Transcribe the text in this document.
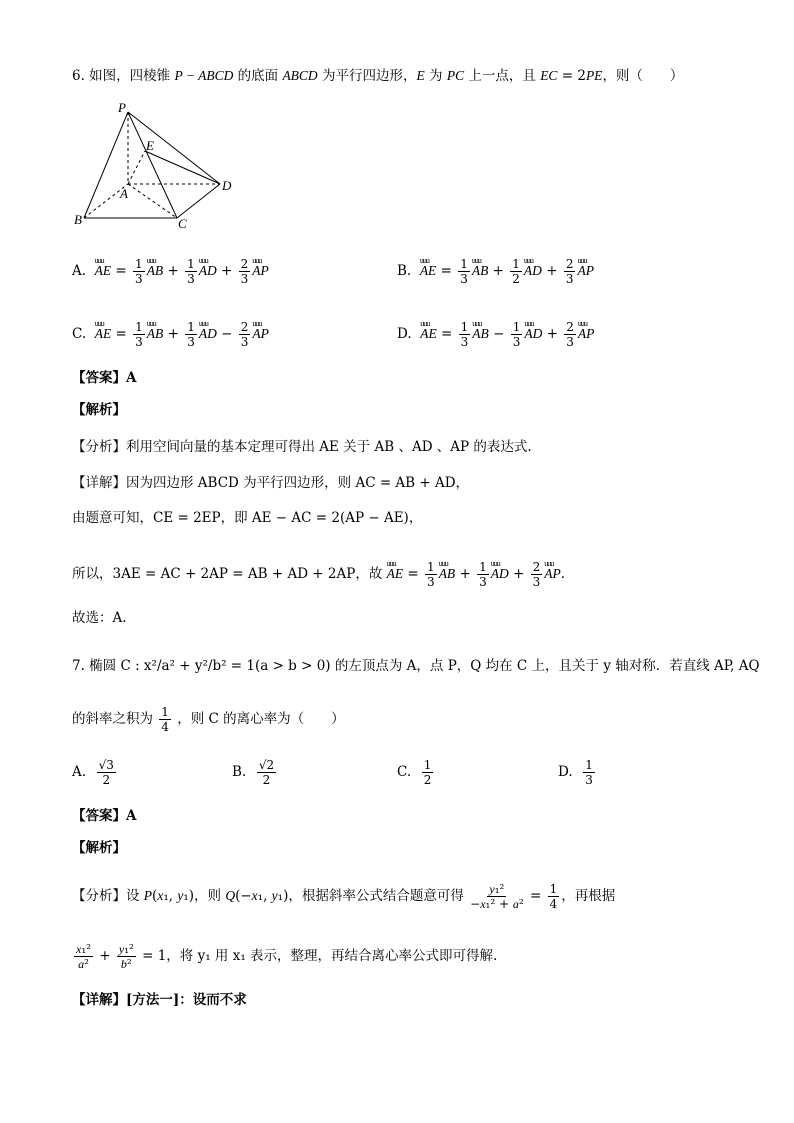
6. 如图，四棱锥 P − ABCD 的底面 ABCD 为平行四边形，E 为 PC 上一点，且 EC = 2PE，则（　　）
P
E
A
B	C
D
A. uuu AE = $\frac{1}{3}$ uuu AB + $\frac{1}{3}$ uuu AD + $\frac{2}{3}$ uuu AP	B. uuu AE = $\frac{1}{3}$ uuu AB + $\frac{1}{2}$ uuu AD + $\frac{2}{3}$ uuu AP
C. uuu AE = $\frac{1}{3}$ uuu AB + $\frac{1}{3}$ uuu AD − $\frac{2}{3}$ uuu AP	D. uuu AE = $\frac{1}{3}$ uuu AB − $\frac{1}{3}$ uuu AD + $\frac{2}{3}$ uuu AP
【答案】A
【解析】
【分析】利用空间向量的基本定理可得出 AE 关于 AB 、AD 、AP 的表达式.
【详解】因为四边形 ABCD 为平行四边形，则 AC = AB + AD，
由题意可知，CE = 2EP，即 AE − AC = 2(AP − AE)，
所以，3AE = AC + 2AP = AB + AD + 2AP，故 uuu AE = $\frac{1}{3}$ uuu AB + $\frac{1}{3}$ uuu AD + $\frac{2}{3}$ uuu AP.
故选：A.
7. 椭圆 C : x²/a² + y²/b² = 1(a > b > 0) 的左顶点为 A，点 P，Q 均在 C 上，且关于 y 轴对称．若直线 AP, AQ
的斜率之积为 $\frac{1}{4}$ ，则 C 的离心率为（　　）
A. $\frac{√3}{2}$	B. $\frac{√2}{2}$	C. $\frac{1}{2}$	D. $\frac{1}{3}$
【答案】A
【解析】
【分析】设 P(x₁, y₁)，则 Q(−x₁, y₁)，根据斜率公式结合题意可得 $\frac{\text{y₁²}}{\text{−x₁² + a²}} = \frac{1}{4}$ ，再根据
$\frac{\text{x₁²}}{\text{a²}} + \frac{\text{y₁²}}{\text{b²}} = 1$，将 y₁ 用 x₁ 表示，整理，再结合离心率公式即可得解.
【详解】[方法一]：设而不求
